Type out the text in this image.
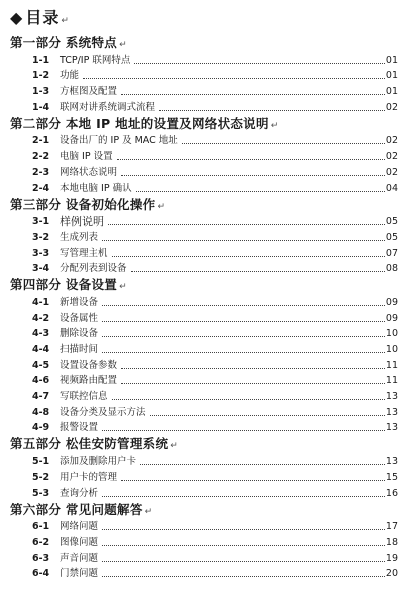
◆ 目录 ↵
第一部分 系统特点 ↵
1-1	TCP/IP 联网特点	01
1-2	功能	01
1-3	方框图及配置	01
1-4	联网对讲系统调式流程	02
第二部分 本地 IP 地址的设置及网络状态说明 ↵
2-1	设备出厂的 IP 及 MAC 地址	02
2-2	电脑 IP 设置	02
2-3	网络状态说明	02
2-4	本地电脑 IP 确认	04
第三部分 设备初始化操作 ↵
3-1 样例说明	05
3-2	生成列表	05
3-3	写管理主机	07
3-4	分配列表到设备	08
第四部分 设备设置 ↵
4-1	新增设备	09
4-2	设备属性	09
4-3	删除设备	10
4-4	扫描时间	10
4-5	设置设备参数	11
4-6	视频路由配置	11
4-7	写联控信息	13
4-8	设备分类及显示方法	13
4-9	报警设置	13
第五部分 松佳安防管理系统 ↵
5-1	添加及删除用户卡	13
5-2	用户卡的管理	15
5-3	查询分析	16
第六部分 常见问题解答 ↵
6-1	网络问题	17
6-2	图像问题	18
6-3	声音问题	19
6-4	门禁问题	20
